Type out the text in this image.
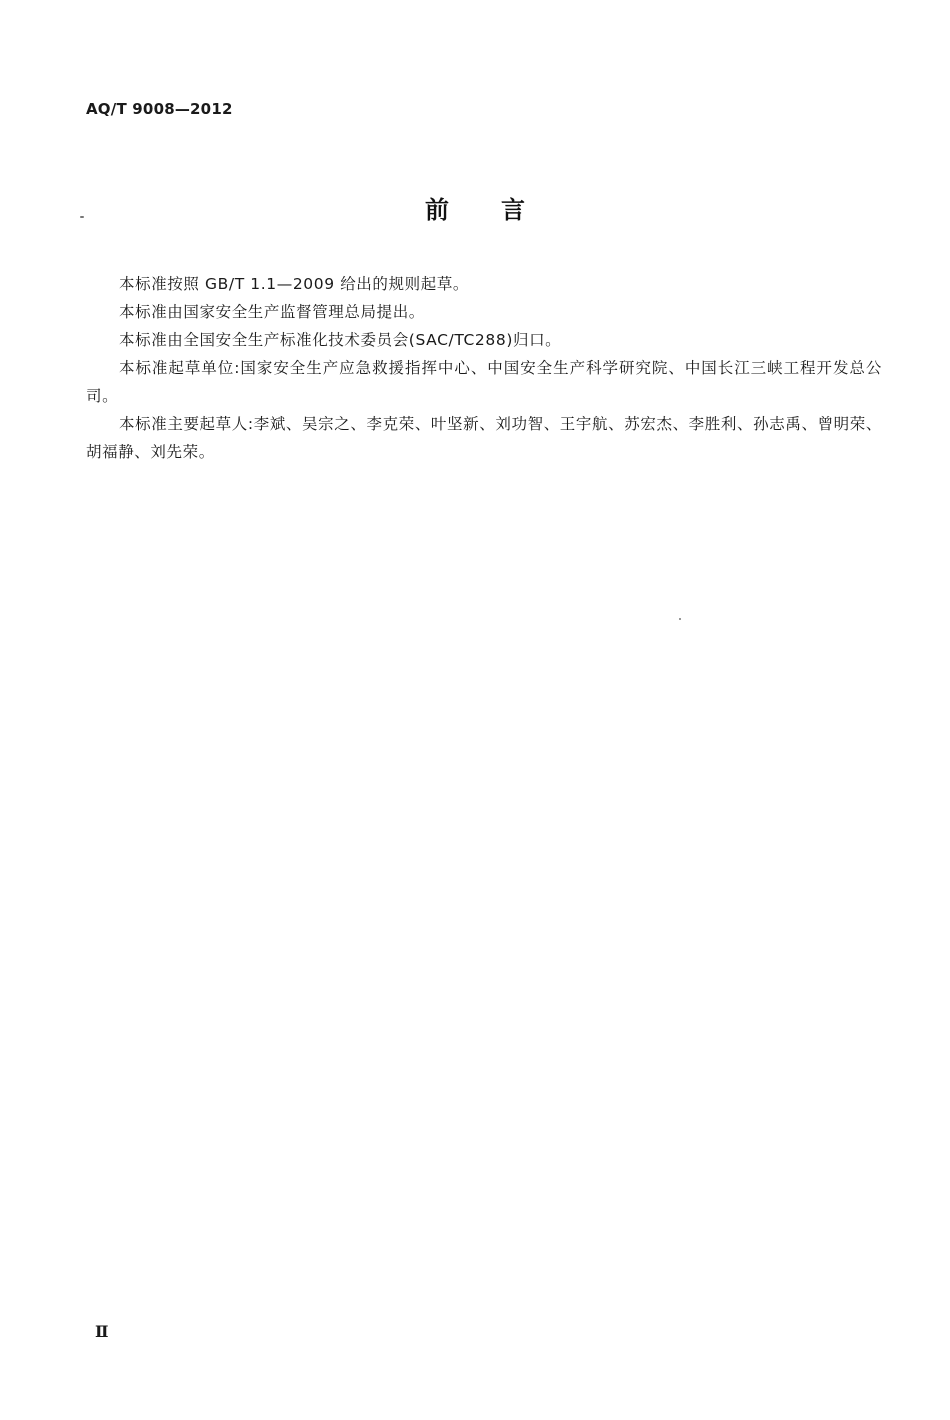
AQ/T 9008—2012
前言

本标准按照 GB/T 1.1—2009 给出的规则起草。

本标准由国家安全生产监督管理总局提出。

本标准由全国安全生产标准化技术委员会(SAC/TC288)归口。

本标准起草单位:国家安全生产应急救援指挥中心、中国安全生产科学研究院、中国长江三峡工程开发总公司。

本标准主要起草人:李斌、吴宗之、李克荣、叶坚新、刘功智、王宇航、苏宏杰、李胜利、孙志禹、曾明荣、胡福静、刘先荣。

Ⅱ
